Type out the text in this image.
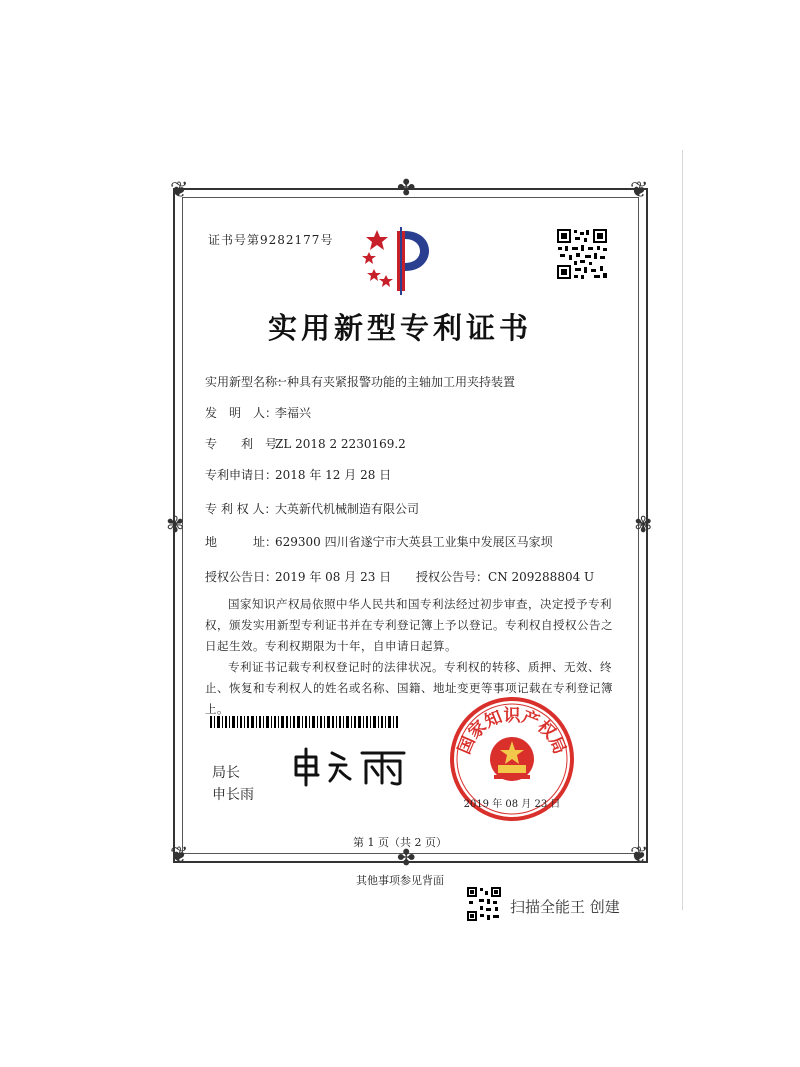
❦	❦
❦	❦
✤
✤
✾	✾
证书号第9282177号
实用新型专利证书
实用新型名称：一种具有夹紧报警功能的主轴加工用夹持装置
发　明　人：李福兴
专　　利　号：ZL 2018 2 2230169.2
专利申请日：2018 年 12 月 28 日
专 利 权 人：大英新代机械制造有限公司
地　　　址：629300 四川省遂宁市大英县工业集中发展区马家坝
授权公告日：2019 年 08 月 23 日 授权公告号：CN 209288804 U
国家知识产权局依照中华人民共和国专利法经过初步审查，决定授予专利权，颁发实用新型专利证书并在专利登记簿上予以登记。专利权自授权公告之日起生效。专利权期限为十年，自申请日起算。
专利证书记载专利权登记时的法律状况。专利权的转移、质押、无效、终止、恢复和专利权人的姓名或名称、国籍、地址变更等事项记载在专利登记簿上。
局长
申长雨
国家知识产权局
2019 年 08 月 23 日
第 1 页（共 2 页）
其他事项参见背面
扫描全能王 创建
